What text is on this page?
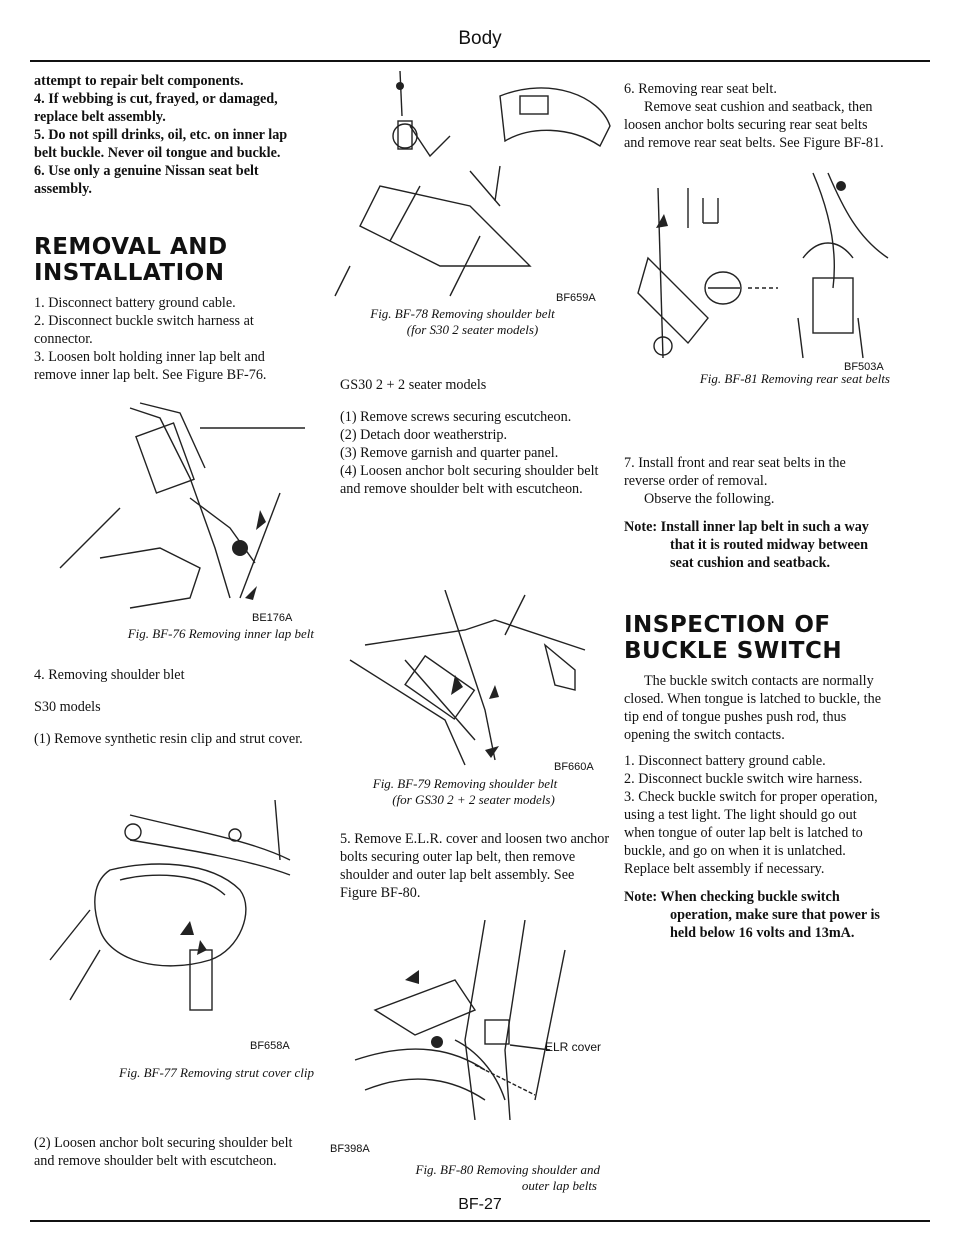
Body

attempt to repair belt components.

4. If webbing is cut, frayed, or damaged, replace belt assembly.

5. Do not spill drinks, oil, etc. on inner lap belt buckle. Never oil tongue and buckle.

6. Use only a genuine Nissan seat belt assembly.

REMOVAL AND
INSTALLATION

1. Disconnect battery ground cable.

2. Disconnect buckle switch harness at connector.

3. Loosen bolt holding inner lap belt and remove inner lap belt. See Figure BF-76.

BE176A
Fig. BF-76 Removing inner lap belt

4. Removing shoulder blet

S30 models

(1) Remove synthetic resin clip and strut cover.

BF658A
Fig. BF-77 Removing strut cover clip

(2) Loosen anchor bolt securing shoulder belt and remove shoulder belt with escutcheon.

BF659A
Fig. BF-78 Removing shoulder belt
(for S30 2 seater models)

GS30 2 + 2 seater models

(1) Remove screws securing escutcheon.

(2) Detach door weatherstrip.

(3) Remove garnish and quarter panel.

(4) Loosen anchor bolt securing shoulder belt and remove shoulder belt with escutcheon.

BF660A
Fig. BF-79 Removing shoulder belt
(for GS30 2 + 2 seater models)

5. Remove E.L.R. cover and loosen two anchor bolts securing outer lap belt, then remove shoulder and outer lap belt assembly. See Figure BF-80.

ELR cover
BF398A
Fig. BF-80 Removing shoulder and
outer lap belts

6. Removing rear seat belt.

Remove seat cushion and seatback, then loosen anchor bolts securing rear seat belts and remove rear seat belts. See Figure BF-81.

BF503A
Fig. BF-81 Removing rear seat belts

7. Install front and rear seat belts in the reverse order of removal.

Observe the following.

Note: Install inner lap belt in such a way that it is routed midway between seat cushion and seatback.

INSPECTION OF
BUCKLE SWITCH

The buckle switch contacts are normally closed. When tongue is latched to buckle, the tip end of tongue pushes push rod, thus opening the switch contacts.

1. Disconnect battery ground cable.

2. Disconnect buckle switch wire harness.

3. Check buckle switch for proper operation, using a test light. The light should go out when tongue of outer lap belt is latched to buckle, and go on when it is unlatched. Replace belt assembly if necessary.

Note: When checking buckle switch operation, make sure that power is held below 16 volts and 13mA.

BF-27
